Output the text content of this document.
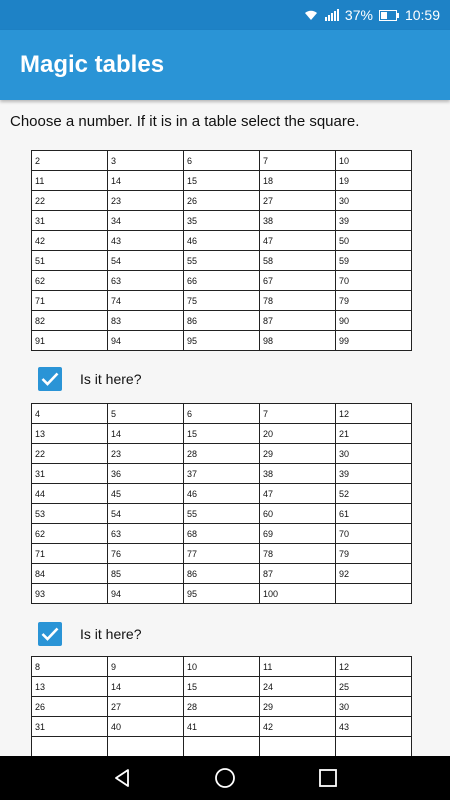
37% 10:59
Magic tables
Choose a number. If it is in a table select the square.
2	3	6	7	10
11	14	15	18	19
22	23	26	27	30
31	34	35	38	39
42	43	46	47	50
51	54	55	58	59
62	63	66	67	70
71	74	75	78	79
82	83	86	87	90
91	94	95	98	99
Is it here?
4	5	6	7	12
13	14	15	20	21
22	23	28	29	30
31	36	37	38	39
44	45	46	47	52
53	54	55	60	61
62	63	68	69	70
71	76	77	78	79
84	85	86	87	92
93	94	95	100	
Is it here?
8	9	10	11	12
13	14	15	24	25
26	27	28	29	30
31	40	41	42	43
